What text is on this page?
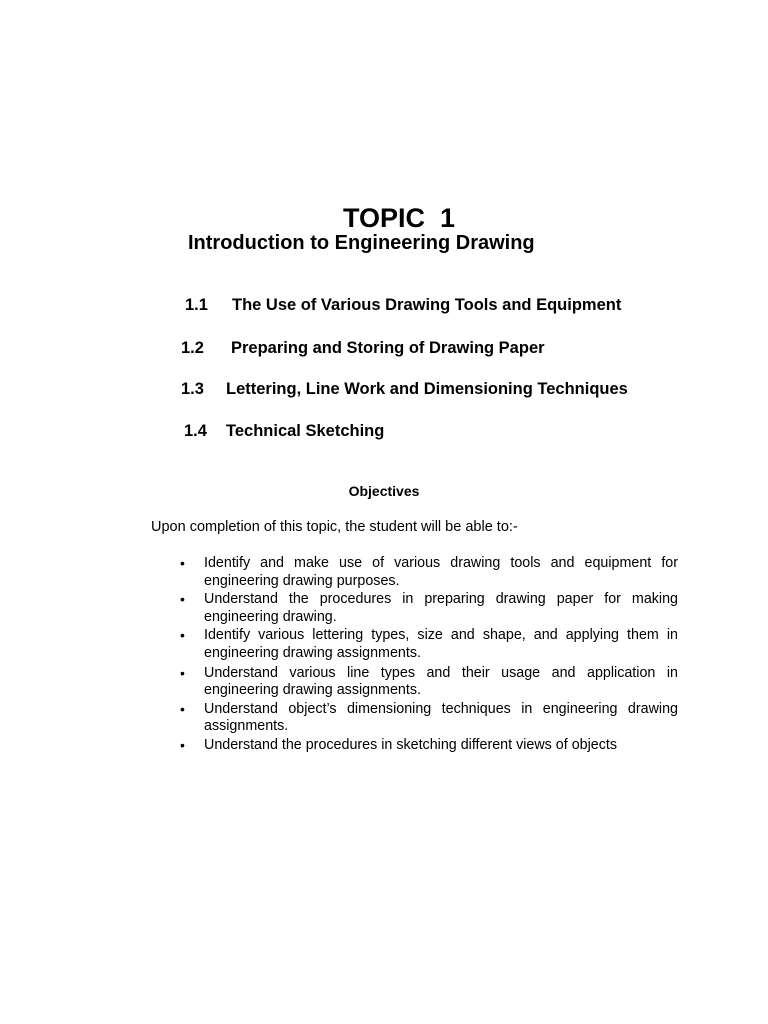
TOPIC  1

Introduction to Engineering Drawing
1.1 The Use of Various Drawing Tools and Equipment
1.2 Preparing and Storing of Drawing Paper
1.3 Lettering, Line Work and Dimensioning Techniques
1.4 Technical Sketching
Objectives
Upon completion of this topic, the student will be able to:-
•	Identify and make use of various drawing tools and equipment for engineering drawing purposes.
•	Understand the procedures in preparing drawing paper for making engineering drawing.
•	Identify various lettering types, size and shape, and applying them in engineering drawing assignments.
•	Understand various line types and their usage and application in engineering drawing assignments.
•	Understand object’s dimensioning techniques in engineering drawing assignments.
•	Understand the procedures in sketching different views of objects
